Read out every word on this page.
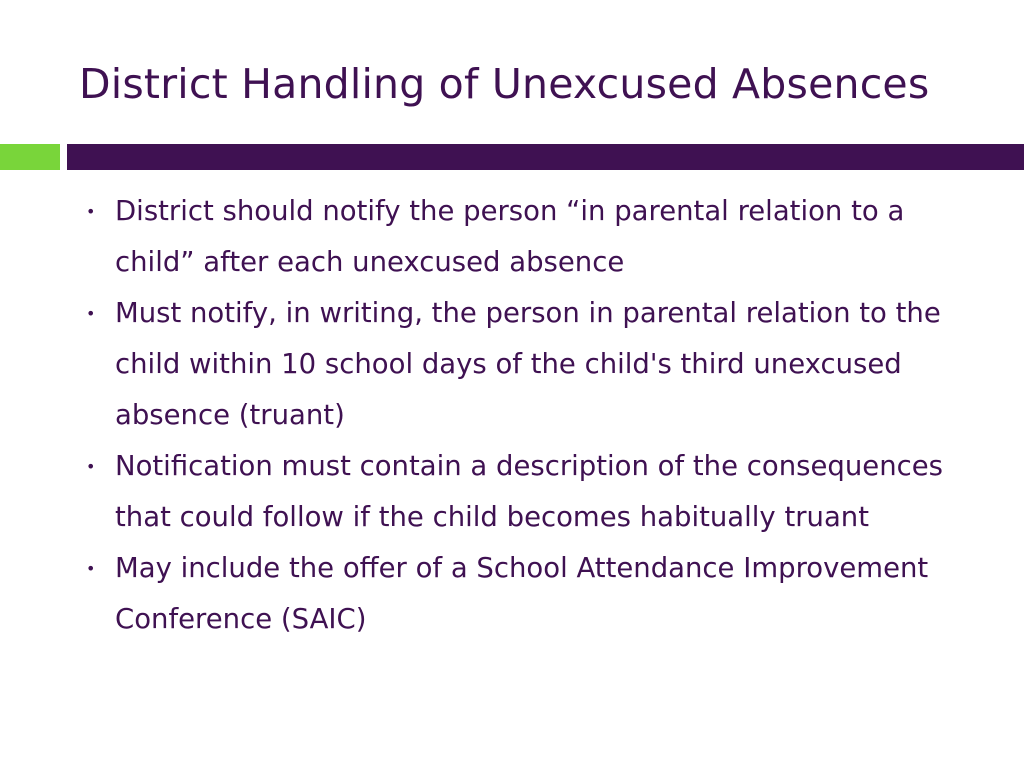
District Handling of Unexcused Absences
• District should notify the person “in parental relation to a child” after each unexcused absence
• Must notify, in writing, the person in parental relation to the child within 10 school days of the child's third unexcused absence (truant)
• Notification must contain a description of the consequences that could follow if the child becomes habitually truant
• May include the offer of a School Attendance Improvement Conference (SAIC)
